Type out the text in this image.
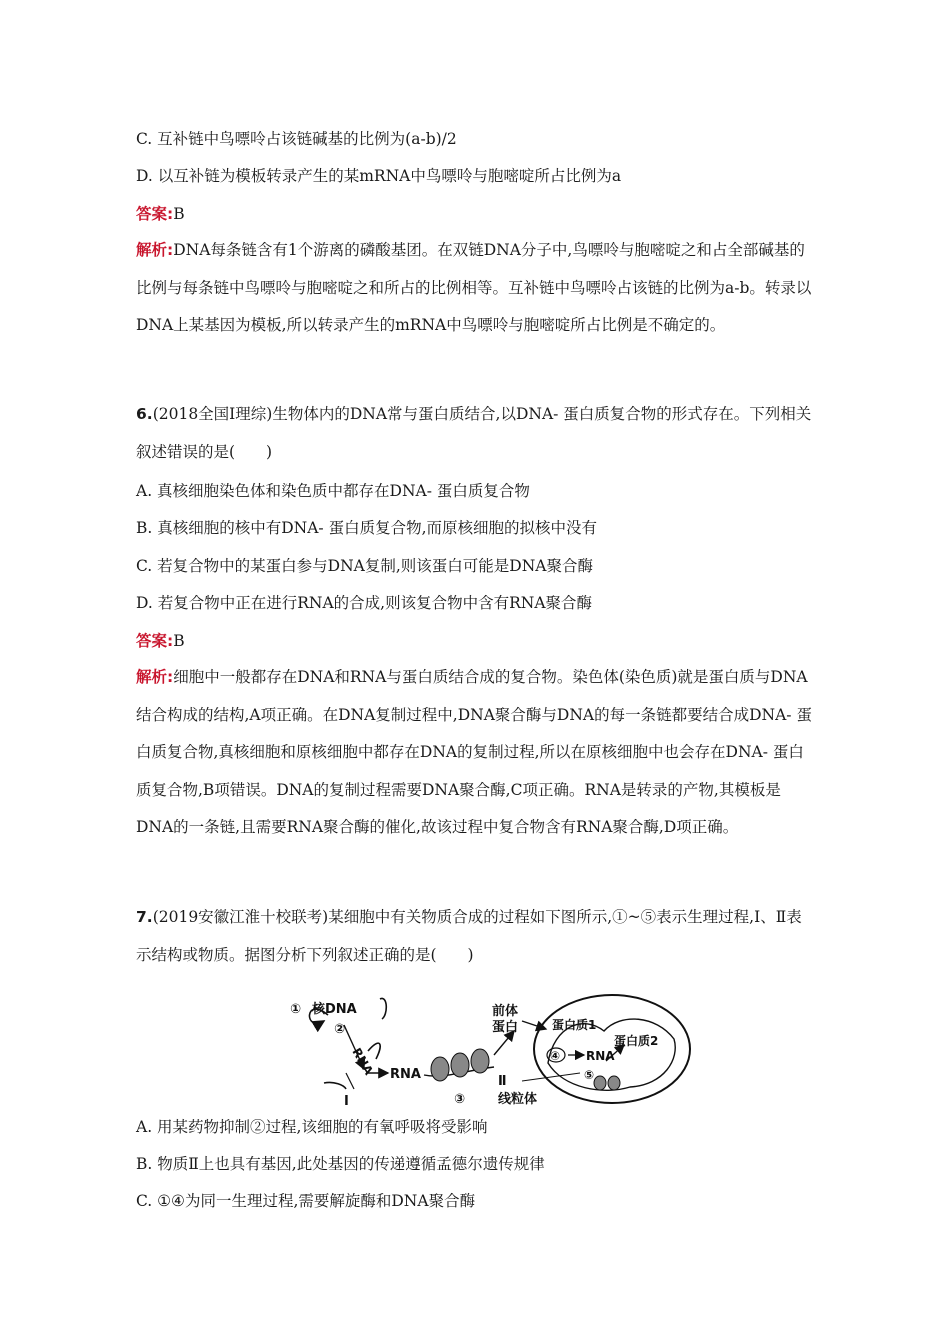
C. 互补链中鸟嘌呤占该链碱基的比例为(a-b)/2
D. 以互补链为模板转录产生的某mRNA中鸟嘌呤与胞嘧啶所占比例为a
答案:B
解析:DNA每条链含有1个游离的磷酸基团。在双链DNA分子中,鸟嘌呤与胞嘧啶之和占全部碱基的比例与每条链中鸟嘌呤与胞嘧啶之和所占的比例相等。互补链中鸟嘌呤占该链的比例为a-b。转录以DNA上某基因为模板,所以转录产生的mRNA中鸟嘌呤与胞嘧啶所占比例是不确定的。
6.(2018全国Ⅰ理综)生物体内的DNA常与蛋白质结合,以DNA- 蛋白质复合物的形式存在。下列相关叙述错误的是(　　)
A. 真核细胞染色体和染色质中都存在DNA- 蛋白质复合物
B. 真核细胞的核中有DNA- 蛋白质复合物,而原核细胞的拟核中没有
C. 若复合物中的某蛋白参与DNA复制,则该蛋白可能是DNA聚合酶
D. 若复合物中正在进行RNA的合成,则该复合物中含有RNA聚合酶
答案:B
解析:细胞中一般都存在DNA和RNA与蛋白质结合成的复合物。染色体(染色质)就是蛋白质与DNA结合构成的结构,A项正确。在DNA复制过程中,DNA聚合酶与DNA的每一条链都要结合成DNA- 蛋白质复合物,真核细胞和原核细胞中都存在DNA的复制过程,所以在原核细胞中也会存在DNA- 蛋白质复合物,B项错误。DNA的复制过程需要DNA聚合酶,C项正确。RNA是转录的产物,其模板是DNA的一条链,且需要RNA聚合酶的催化,故该过程中复合物含有RNA聚合酶,D项正确。
7.(2019安徽江淮十校联考)某细胞中有关物质合成的过程如下图所示,①~⑤表示生理过程,Ⅰ、Ⅱ表示结构或物质。据图分析下列叙述正确的是(　　)
① 核DNA
②
RNA
Ⅰ
RNA
③
前体
蛋白	蛋白质1
蛋白质2
④ RNA
⑤
Ⅱ
线粒体
A. 用某药物抑制②过程,该细胞的有氧呼吸将受影响
B. 物质Ⅱ上也具有基因,此处基因的传递遵循孟德尔遗传规律
C. ①④为同一生理过程,需要解旋酶和DNA聚合酶
